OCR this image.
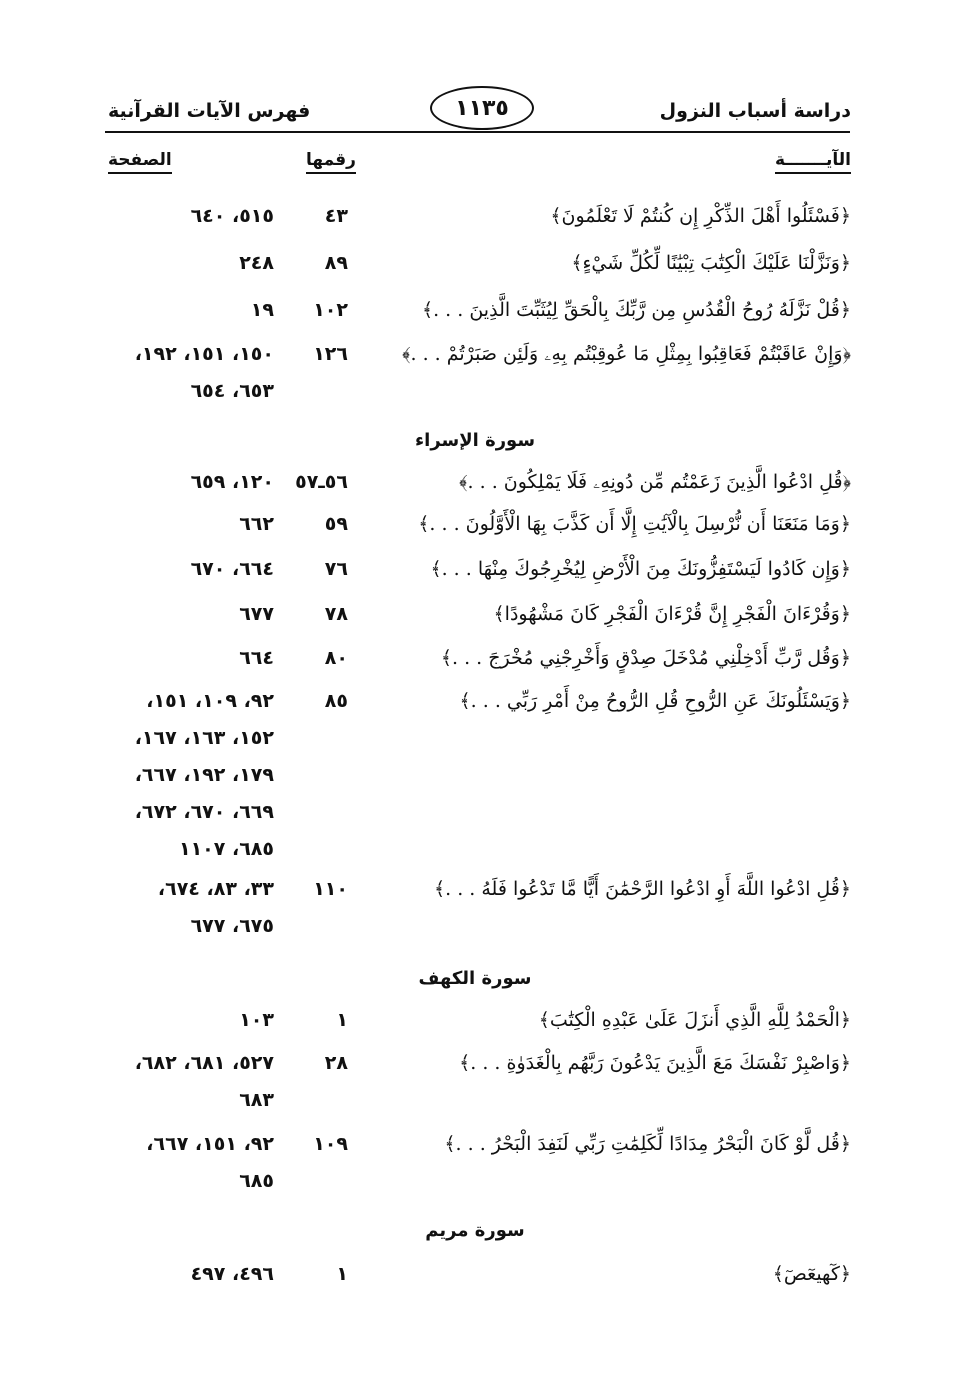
دراسة أسباب النزول
١١٣٥
فهرس الآيات القرآنية
الآيـــــــة
رقمها
الصفحة
﴿فَسْئَلُوا أَهْلَ الذِّكْرِ إِن كُنتُمْ لَا تَعْلَمُونَ﴾
٤٣
٥١٥، ٦٤٠
﴿وَنَزَّلْنَا عَلَيْكَ الْكِتَٰبَ تِبْيَٰنًا لِّكُلِّ شَيْءٍ﴾
٨٩
٢٤٨
﴿قُلْ نَزَّلَهُ رُوحُ الْقُدُسِ مِن رَّبِّكَ بِالْحَقِّ لِيُثَبِّتَ الَّذِينَ . . .﴾
١٠٢
١٩
﴿وَإِنْ عَاقَبْتُمْ فَعَاقِبُوا بِمِثْلِ مَا عُوقِبْتُم بِهِۦ وَلَئِن صَبَرْتُمْ . . .﴾
١٢٦
١٥٠، ١٥١، ١٩٢،
٦٥٣، ٦٥٤
سورة الإسراء
﴿قُلِ ادْعُوا الَّذِينَ زَعَمْتُم مِّن دُونِهِۦ فَلَا يَمْلِكُونَ . . .﴾
٥٦ـ٥٧
١٢٠، ٦٥٩
﴿وَمَا مَنَعَنَا أَن نُّرْسِلَ بِالْآيَٰتِ إِلَّا أَن كَذَّبَ بِهَا الْأَوَّلُونَ . . .﴾
٥٩
٦٦٢
﴿وَإِن كَادُوا لَيَسْتَفِزُّونَكَ مِنَ الْأَرْضِ لِيُخْرِجُوكَ مِنْهَا . . .﴾
٧٦
٦٦٤، ٦٧٠
﴿وَقُرْءَانَ الْفَجْرِ إِنَّ قُرْءَانَ الْفَجْرِ كَانَ مَشْهُودًا﴾
٧٨
٦٧٧
﴿وَقُل رَّبِّ أَدْخِلْنِي مُدْخَلَ صِدْقٍ وَأَخْرِجْنِي مُخْرَجَ . . .﴾
٨٠
٦٦٤
﴿وَيَسْئَلُونَكَ عَنِ الرُّوحِ قُلِ الرُّوحُ مِنْ أَمْرِ رَبِّي . . .﴾
٨٥
٩٢، ١٠٩، ١٥١،
١٥٢، ١٦٣، ١٦٧،
١٧٩، ١٩٢، ٦٦٧،
٦٦٩، ٦٧٠، ٦٧٢،
٦٨٥، ١١٠٧
﴿قُلِ ادْعُوا اللَّهَ أَوِ ادْعُوا الرَّحْمَٰنَ أَيًّا مَّا تَدْعُوا فَلَهُ . . .﴾
١١٠
٣٣، ٨٣، ٦٧٤،
٦٧٥، ٦٧٧
سورة الكهف
﴿الْحَمْدُ لِلَّهِ الَّذِي أَنزَلَ عَلَىٰ عَبْدِهِ الْكِتَٰبَ﴾
١
١٠٣
﴿وَاصْبِرْ نَفْسَكَ مَعَ الَّذِينَ يَدْعُونَ رَبَّهُم بِالْغَدَوٰةِ . . .﴾
٢٨
٥٢٧، ٦٨١، ٦٨٢،
٦٨٣
﴿قُل لَّوْ كَانَ الْبَحْرُ مِدَادًا لِّكَلِمَٰتِ رَبِّي لَنَفِدَ الْبَحْرُ . . .﴾
١٠٩
٩٢، ١٥١، ٦٦٧،
٦٨٥
سورة مريم
﴿كٓهيعٓصٓ﴾
١
٤٩٦، ٤٩٧
